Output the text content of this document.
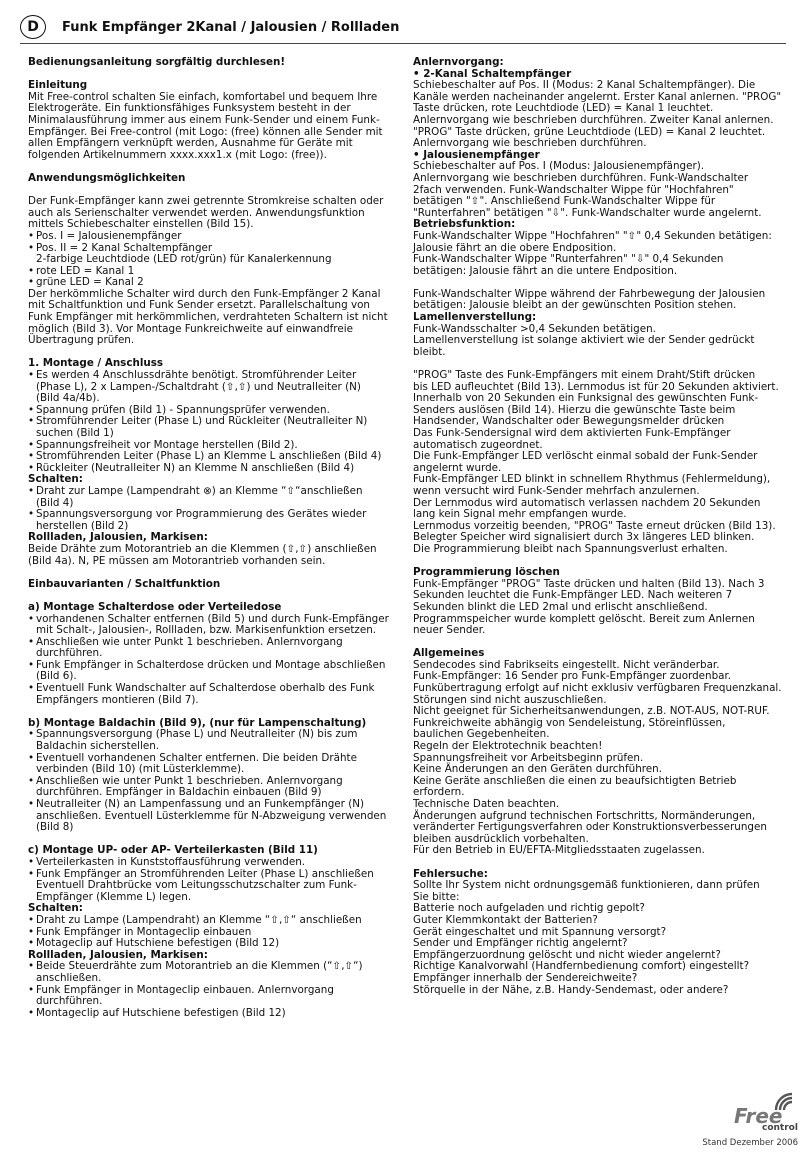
D	Funk Empfänger 2Kanal / Jalousien / Rollladen

Bedienungsanleitung sorgfältig durchlesen!

Einleitung

Mit Free-control schalten Sie einfach, komfortabel und bequem Ihre
Elektrogeräte. Ein funktionsfähiges Funksystem besteht in der
Minimalausführung immer aus einem Funk-Sender und einem Funk-
Empfänger. Bei Free-control (mit Logo: (free) können alle Sender mit
allen Empfängern verknüpft werden, Ausnahme für Geräte mit
folgenden Artikelnummern xxxx.xxx1.x (mit Logo: (free)).

Anwendungsmöglichkeiten

Der Funk-Empfänger kann zwei getrennte Stromkreise schalten oder
auch als Serienschalter verwendet werden. Anwendungsfunktion
mittels Schiebeschalter einstellen (Bild 15).

• Pos. I = Jalousienempfänger
• Pos. II = 2 Kanal Schaltempfänger
2-farbige Leuchtdiode (LED rot/grün) für Kanalerkennung
• rote LED = Kanal 1
• grüne LED = Kanal 2

Der herkömmliche Schalter wird durch den Funk-Empfänger 2 Kanal
mit Schaltfunktion und Funk Sender ersetzt. Parallelschaltung von
Funk Empfänger mit herkömmlichen, verdrahteten Schaltern ist nicht
möglich (Bild 3). Vor Montage Funkreichweite auf einwandfreie
Übertragung prüfen.

1. Montage / Anschluss

• Es werden 4 Anschlussdrähte benötigt. Stromführender Leiter
(Phase L), 2 x Lampen-/Schaltdraht (⇧,⇧) und Neutralleiter (N)
(Bild 4a/4b).
• Spannung prüfen (Bild 1) - Spannungsprüfer verwenden.
• Stromführender Leiter (Phase L) und Rückleiter (Neutralleiter N)
suchen (Bild 1)
• Spannungsfreiheit vor Montage herstellen (Bild 2).
• Stromführenden Leiter (Phase L) an Klemme L anschließen (Bild 4)
• Rückleiter (Neutralleiter N) an Klemme N anschließen (Bild 4)

Schalten:

• Draht zur Lampe (Lampendraht ⊗) an Klemme “⇧“anschließen
(Bild 4)
• Spannungsversorgung vor Programmierung des Gerätes wieder
herstellen (Bild 2)

Rollladen, Jalousien, Markisen:

Beide Drähte zum Motorantrieb an die Klemmen (⇧,⇧) anschließen
(Bild 4a). N, PE müssen am Motorantrieb vorhanden sein.

Einbauvarianten / Schaltfunktion

a) Montage Schalterdose oder Verteiledose

• vorhandenen Schalter entfernen (Bild 5) und durch Funk-Empfänger
mit Schalt-, Jalousien-, Rollladen, bzw. Markisenfunktion ersetzen.
• Anschließen wie unter Punkt 1 beschrieben. Anlernvorgang
durchführen.
• Funk Empfänger in Schalterdose drücken und Montage abschließen
(Bild 6).
• Eventuell Funk Wandschalter auf Schalterdose oberhalb des Funk
Empfängers montieren (Bild 7).

b) Montage Baldachin (Bild 9), (nur für Lampenschaltung)

• Spannungsversorgung (Phase L) und Neutralleiter (N) bis zum
Baldachin sicherstellen.
• Eventuell vorhandenen Schalter entfernen. Die beiden Drähte
verbinden (Bild 10) (mit Lüsterklemme).
• Anschließen wie unter Punkt 1 beschrieben. Anlernvorgang
durchführen. Empfänger in Baldachin einbauen (Bild 9)
• Neutralleiter (N) an Lampenfassung und an Funkempfänger (N)
anschließen. Eventuell Lüsterklemme für N-Abzweigung verwenden
(Bild 8)

c) Montage UP- oder AP- Verteilerkasten (Bild 11)

• Verteilerkasten in Kunststoffausführung verwenden.
• Funk Empfänger an Stromführenden Leiter (Phase L) anschließen
Eventuell Drahtbrücke vom Leitungsschutzschalter zum Funk-
Empfänger (Klemme L) legen.

Schalten:

• Draht zu Lampe (Lampendraht) an Klemme “⇧,⇧“ anschließen
• Funk Empfänger in Montageclip einbauen
• Motageclip auf Hutschiene befestigen (Bild 12)

Rollladen, Jalousien, Markisen:

• Beide Steuerdrähte zum Motorantrieb an die Klemmen (“⇧,⇧“)
anschließen.
• Funk Empfänger in Montageclip einbauen. Anlernvorgang
durchführen.
• Montageclip auf Hutschiene befestigen (Bild 12)

Anlernvorgang:

• 2-Kanal Schaltempfänger

Schiebeschalter auf Pos. II (Modus: 2 Kanal Schaltempfänger). Die
Kanäle werden nacheinander angelernt. Erster Kanal anlernen. "PROG"
Taste drücken, rote Leuchtdiode (LED) = Kanal 1 leuchtet.
Anlernvorgang wie beschrieben durchführen. Zweiter Kanal anlernen.
"PROG" Taste drücken, grüne Leuchtdiode (LED) = Kanal 2 leuchtet.
Anlernvorgang wie beschrieben durchführen.

• Jalousienempfänger

Schiebeschalter auf Pos. I (Modus: Jalousienempfänger).
Anlernvorgang wie beschrieben durchführen. Funk-Wandschalter
2fach verwenden. Funk-Wandschalter Wippe für "Hochfahren"
betätigen "⇧". Anschließend Funk-Wandschalter Wippe für
"Runterfahren" betätigen "⇩". Funk-Wandschalter wurde angelernt.

Betriebsfunktion:

Funk-Wandschalter Wippe "Hochfahren" "⇧" 0,4 Sekunden betätigen:
Jalousie fährt an die obere Endposition.
Funk-Wandschalter Wippe "Runterfahren" "⇩" 0,4 Sekunden
betätigen: Jalousie fährt an die untere Endposition.

Funk-Wandschalter Wippe während der Fahrbewegung der Jalousien
betätigen: Jalousie bleibt an der gewünschten Position stehen.

Lamellenverstellung:

Funk-Wandsschalter >0,4 Sekunden betätigen.
Lamellenverstellung ist solange aktiviert wie der Sender gedrückt
bleibt.

"PROG" Taste des Funk-Empfängers mit einem Draht/Stift drücken
bis LED aufleuchtet (Bild 13). Lernmodus ist für 20 Sekunden aktiviert.
Innerhalb von 20 Sekunden ein Funksignal des gewünschten Funk-
Senders auslösen (Bild 14). Hierzu die gewünschte Taste beim
Handsender, Wandschalter oder Bewegungsmelder drücken
Das Funk-Sendersignal wird dem aktivierten Funk-Empfänger
automatisch zugeordnet.
Die Funk-Empfänger LED verlöscht einmal sobald der Funk-Sender
angelernt wurde.
Funk-Empfänger LED blinkt in schnellem Rhythmus (Fehlermeldung),
wenn versucht wird Funk-Sender mehrfach anzulernen.
Der Lernmodus wird automatisch verlassen nachdem 20 Sekunden
lang kein Signal mehr empfangen wurde.
Lernmodus vorzeitig beenden, "PROG" Taste erneut drücken (Bild 13).
Belegter Speicher wird signalisiert durch 3x längeres LED blinken.
Die Programmierung bleibt nach Spannungsverlust erhalten.

Programmierung löschen

Funk-Empfänger "PROG" Taste drücken und halten (Bild 13). Nach 3
Sekunden leuchtet die Funk-Empfänger LED. Nach weiteren 7
Sekunden blinkt die LED 2mal und erlischt anschließend.
Programmspeicher wurde komplett gelöscht. Bereit zum Anlernen
neuer Sender.

Allgemeines

Sendecodes sind Fabrikseits eingestellt. Nicht veränderbar.
Funk-Empfänger: 16 Sender pro Funk-Empfänger zuordenbar.
Funkübertragung erfolgt auf nicht exklusiv verfügbaren Frequenzkanal.
Störungen sind nicht auszuschließen.
Nicht geeignet für Sicherheitsanwendungen, z.B. NOT-AUS, NOT-RUF.
Funkreichweite abhängig von Sendeleistung, Störeinflüssen,
baulichen Gegebenheiten.
Regeln der Elektrotechnik beachten!
Spannungsfreiheit vor Arbeitsbeginn prüfen.
Keine Änderungen an den Geräten durchführen.
Keine Geräte anschließen die einen zu beaufsichtigten Betrieb
erfordern.
Technische Daten beachten.
Änderungen aufgrund technischen Fortschritts, Normänderungen,
veränderter Fertigungsverfahren oder Konstruktionsverbesserungen
bleiben ausdrücklich vorbehalten.
Für den Betrieb in EU/EFTA-Mitgliedsstaaten zugelassen.

Fehlersuche:

Sollte Ihr System nicht ordnungsgemäß funktionieren, dann prüfen
Sie bitte:
Batterie noch aufgeladen und richtig gepolt?
Guter Klemmkontakt der Batterien?
Gerät eingeschaltet und mit Spannung versorgt?
Sender und Empfänger richtig angelernt?
Empfängerzuordnung gelöscht und nicht wieder angelernt?
Richtige Kanalvorwahl (Handfernbedienung comfort) eingestellt?
Empfänger innerhalb der Sendereichweite?
Störquelle in der Nähe, z.B. Handy-Sendemast, oder andere?

Free
control
Stand Dezember 2006
